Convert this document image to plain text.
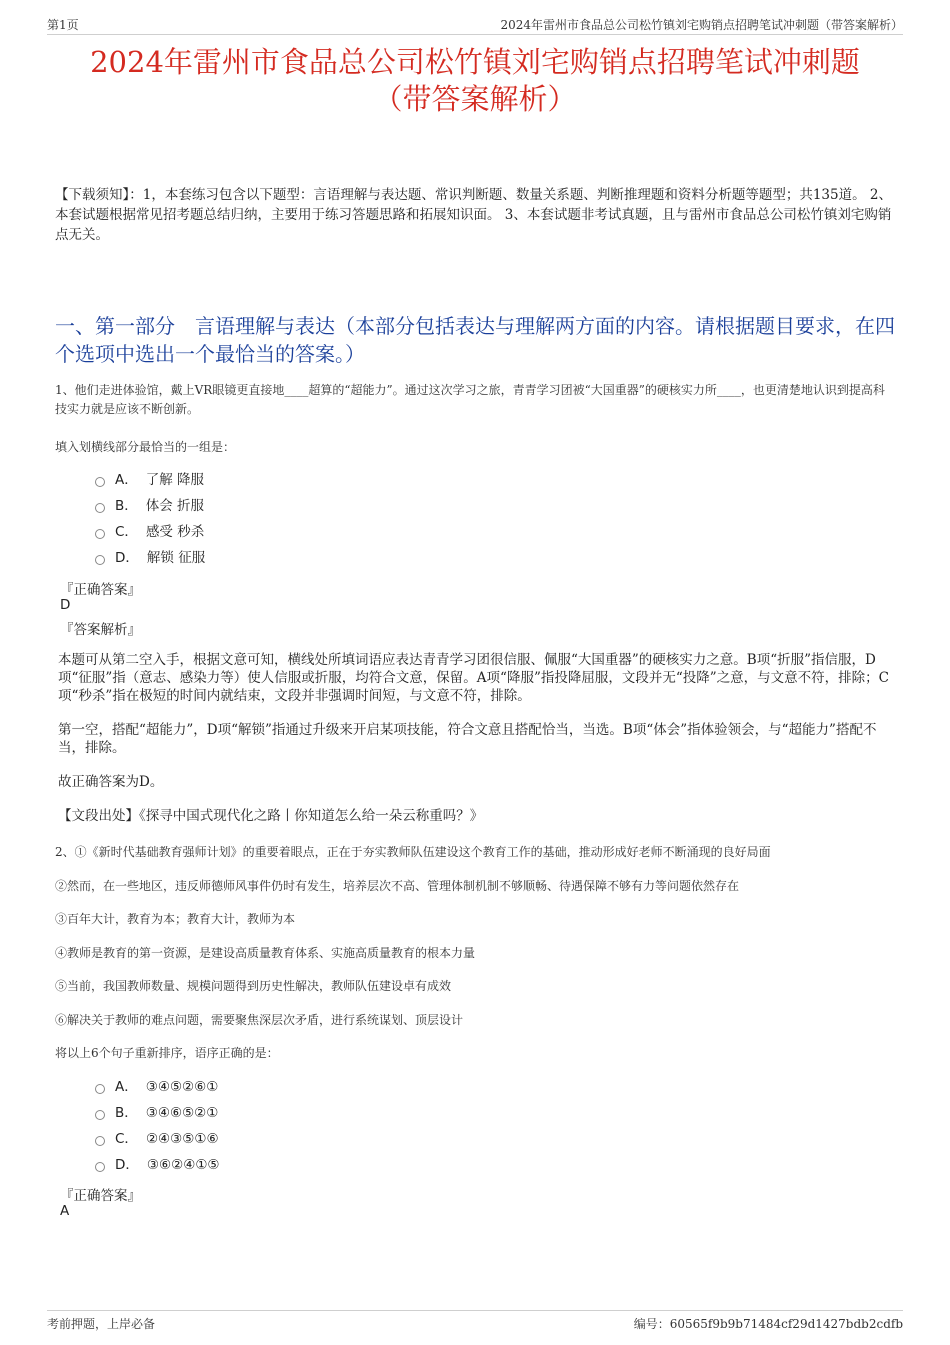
第1页	2024年雷州市食品总公司松竹镇刘宅购销点招聘笔试冲刺题（带答案解析）
2024年雷州市食品总公司松竹镇刘宅购销点招聘笔试冲刺题
（带答案解析）
【下载须知】：1，本套练习包含以下题型：言语理解与表达题、常识判断题、数量关系题、判断推理题和资料分析题等题型；共135道。 2、本套试题根据常见招考题总结归纳，主要用于练习答题思路和拓展知识面。 3、本套试题非考试真题，且与雷州市食品总公司松竹镇刘宅购销点无关。
一、第一部分　言语理解与表达（本部分包括表达与理解两方面的内容。请根据题目要求，在四个选项中选出一个最恰当的答案。）
1、他们走进体验馆，戴上VR眼镜更直接地____超算的“超能力”。通过这次学习之旅，青青学习团被“大国重器”的硬核实力所____，也更清楚地认识到提高科技实力就是应该不断创新。
填入划横线部分最恰当的一组是：
A． 了解 降服
B． 体会 折服
C． 感受 秒杀
D． 解锁 征服
『正确答案』
D
『答案解析』
本题可从第二空入手，根据文意可知，横线处所填词语应表达青青学习团很信服、佩服“大国重器”的硬核实力之意。B项“折服”指信服，D项“征服”指（意志、感染力等）使人信服或折服，均符合文意，保留。A项“降服”指投降屈服，文段并无“投降”之意，与文意不符，排除；C项“秒杀”指在极短的时间内就结束，文段并非强调时间短，与文意不符，排除。
第一空，搭配“超能力”，D项“解锁”指通过升级来开启某项技能，符合文意且搭配恰当，当选。B项“体会”指体验领会，与“超能力”搭配不当，排除。
故正确答案为D。
【文段出处】《探寻中国式现代化之路丨你知道怎么给一朵云称重吗？》
2、①《新时代基础教育强师计划》的重要着眼点，正在于夯实教师队伍建设这个教育工作的基础，推动形成好老师不断涌现的良好局面
②然而，在一些地区，违反师德师风事件仍时有发生，培养层次不高、管理体制机制不够顺畅、待遇保障不够有力等问题依然存在
③百年大计，教育为本；教育大计，教师为本
④教师是教育的第一资源，是建设高质量教育体系、实施高质量教育的根本力量
⑤当前，我国教师数量、规模问题得到历史性解决，教师队伍建设卓有成效
⑥解决关于教师的难点问题，需要聚焦深层次矛盾，进行系统谋划、顶层设计
将以上6个句子重新排序，语序正确的是：
A． ③④⑤②⑥①
B． ③④⑥⑤②①
C． ②④③⑤①⑥
D． ③⑥②④①⑤
『正确答案』
A
考前押题，上岸必备	编号：60565f9b9b71484cf29d1427bdb2cdfb
